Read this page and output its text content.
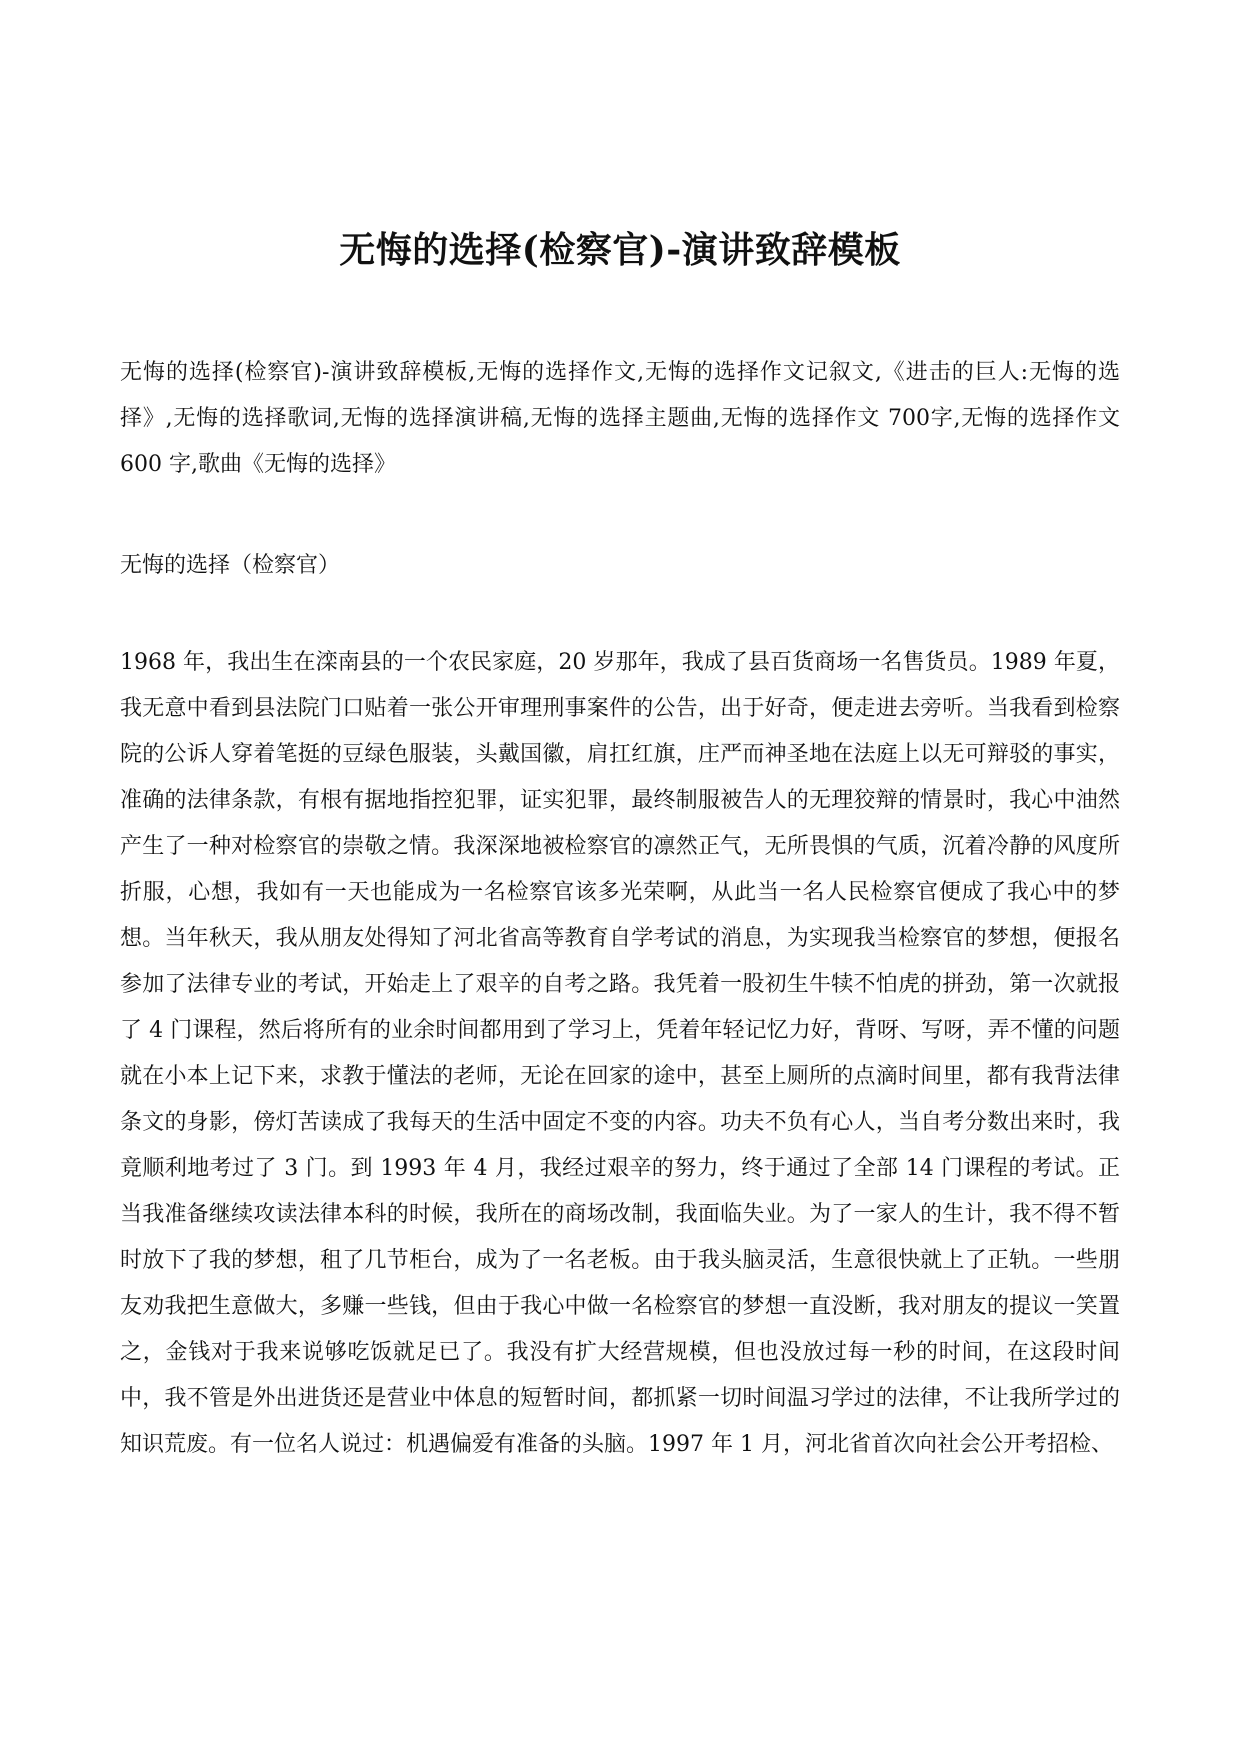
无悔的选择(检察官)-演讲致辞模板

无悔的选择(检察官)-演讲致辞模板,无悔的选择作文,无悔的选择作文记叙文,《进击的巨人:无悔的选择》,无悔的选择歌词,无悔的选择演讲稿,无悔的选择主题曲,无悔的选择作文 700字,无悔的选择作文 600 字,歌曲《无悔的选择》

无悔的选择（检察官）

1968 年，我出生在滦南县的一个农民家庭，20 岁那年，我成了县百货商场一名售货员。1989 年夏，我无意中看到县法院门口贴着一张公开审理刑事案件的公告，出于好奇，便走进去旁听。当我看到检察院的公诉人穿着笔挺的豆绿色服装，头戴国徽，肩扛红旗，庄严而神圣地在法庭上以无可辩驳的事实，准确的法律条款，有根有据地指控犯罪，证实犯罪，最终制服被告人的无理狡辩的情景时，我心中油然产生了一种对检察官的崇敬之情。我深深地被检察官的凛然正气，无所畏惧的气质，沉着冷静的风度所折服，心想，我如有一天也能成为一名检察官该多光荣啊，从此当一名人民检察官便成了我心中的梦想。当年秋天，我从朋友处得知了河北省高等教育自学考试的消息，为实现我当检察官的梦想，便报名参加了法律专业的考试，开始走上了艰辛的自考之路。我凭着一股初生牛犊不怕虎的拼劲，第一次就报了 4 门课程，然后将所有的业余时间都用到了学习上，凭着年轻记忆力好，背呀、写呀，弄不懂的问题就在小本上记下来，求教于懂法的老师，无论在回家的途中，甚至上厕所的点滴时间里，都有我背法律条文的身影，傍灯苦读成了我每天的生活中固定不变的内容。功夫不负有心人，当自考分数出来时，我竟顺利地考过了 3 门。到 1993 年 4 月，我经过艰辛的努力，终于通过了全部 14 门课程的考试。正当我准备继续攻读法律本科的时候，我所在的商场改制，我面临失业。为了一家人的生计，我不得不暂时放下了我的梦想，租了几节柜台，成为了一名老板。由于我头脑灵活，生意很快就上了正轨。一些朋友劝我把生意做大，多赚一些钱，但由于我心中做一名检察官的梦想一直没断，我对朋友的提议一笑置之，金钱对于我来说够吃饭就足已了。我没有扩大经营规模，但也没放过每一秒的时间，在这段时间中，我不管是外出进货还是营业中体息的短暂时间，都抓紧一切时间温习学过的法律，不让我所学过的知识荒废。有一位名人说过：机遇偏爱有准备的头脑。1997 年 1 月，河北省首次向社会公开考招检、
